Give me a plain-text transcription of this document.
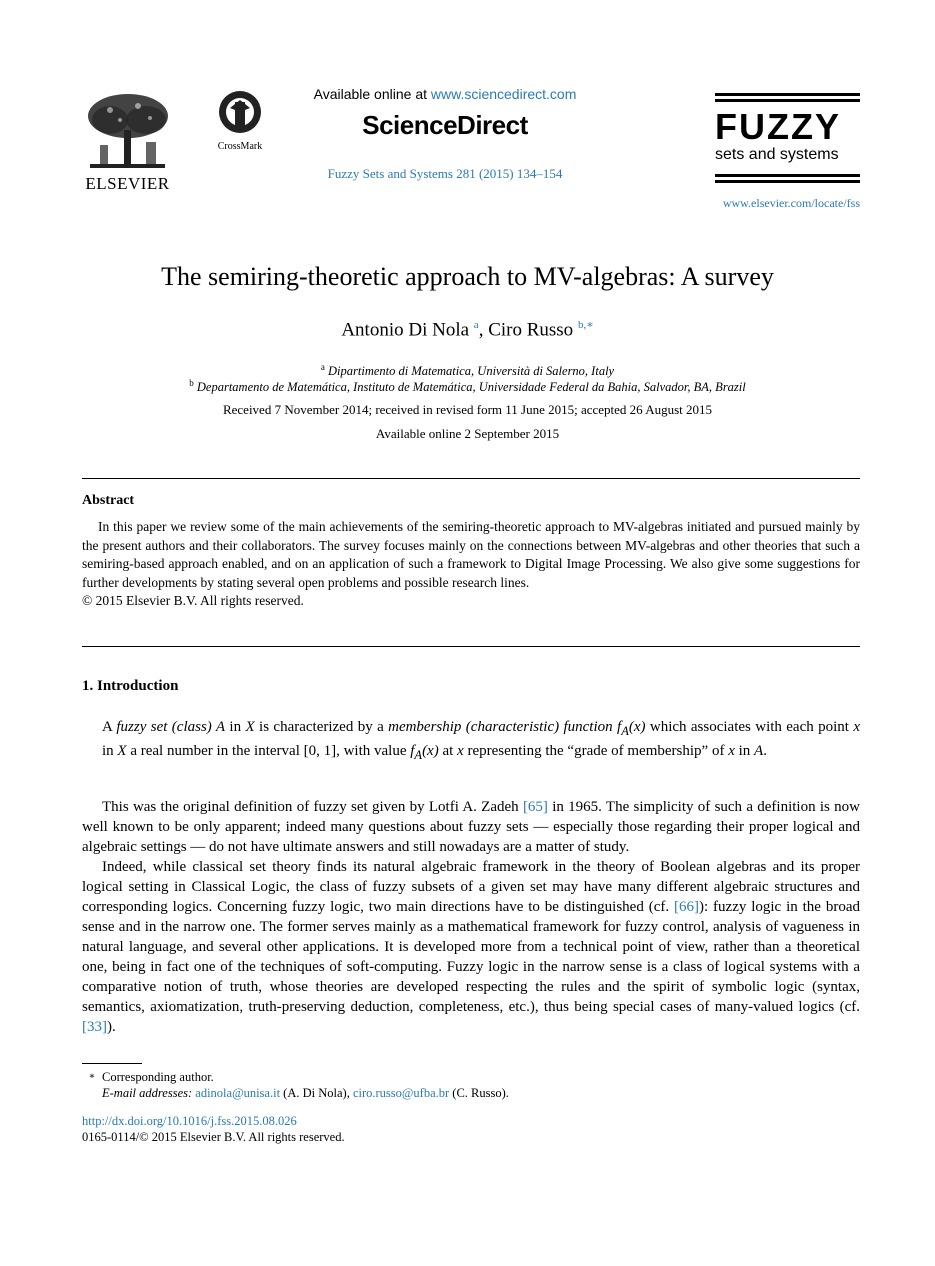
ELSEVIER
CrossMark
Available online at www.sciencedirect.com
ScienceDirect
Fuzzy Sets and Systems 281 (2015) 134–154
FUZZY
sets and systems
www.elsevier.com/locate/fss
The semiring-theoretic approach to MV-algebras: A survey
Antonio Di Nola $^a$, Ciro Russo $^{b,∗}$
$^a$ Dipartimento di Matematica, Università di Salerno, Italy
$^b$ Departamento de Matemática, Instituto de Matemática, Universidade Federal da Bahia, Salvador, BA, Brazil
Received 7 November 2014; received in revised form 11 June 2015; accepted 26 August 2015
Available online 2 September 2015
Abstract

In this paper we review some of the main achievements of the semiring-theoretic approach to MV-algebras initiated and pursued mainly by the present authors and their collaborators. The survey focuses mainly on the connections between MV-algebras and other theories that such a semiring-based approach enabled, and on an application of such a framework to Digital Image Processing. We also give some suggestions for further developments by stating several open problems and possible research lines.

© 2015 Elsevier B.V. All rights reserved.
1. Introduction
A fuzzy set (class) A in X is characterized by a membership (characteristic) function $f_A(x)$ which associates with each point x in X a real number in the interval [0, 1], with value $f_A(x)$ at x representing the “grade of membership” of x in A.

This was the original definition of fuzzy set given by Lotfi A. Zadeh [65] in 1965. The simplicity of such a definition is now well known to be only apparent; indeed many questions about fuzzy sets — especially those regarding their proper logical and algebraic settings — do not have ultimate answers and still nowadays are a matter of study.

Indeed, while classical set theory finds its natural algebraic framework in the theory of Boolean algebras and its proper logical setting in Classical Logic, the class of fuzzy subsets of a given set may have many different algebraic structures and corresponding logics. Concerning fuzzy logic, two main directions have to be distinguished (cf. [66]): fuzzy logic in the broad sense and in the narrow one. The former serves mainly as a mathematical framework for fuzzy control, analysis of vagueness in natural language, and several other applications. It is developed more from a technical point of view, rather than a theoretical one, being in fact one of the techniques of soft-computing. Fuzzy logic in the narrow sense is a class of logical systems with a comparative notion of truth, whose theories are developed respecting the rules and the spirit of symbolic logic (syntax, semantics, axiomatization, truth-preserving deduction, completeness, etc.), thus being special cases of many-valued logics (cf. [33]).

∗ Corresponding author.
E-mail addresses: adinola@unisa.it (A. Di Nola), ciro.russo@ufba.br (C. Russo).
http://dx.doi.org/10.1016/j.fss.2015.08.026
0165-0114/© 2015 Elsevier B.V. All rights reserved.
